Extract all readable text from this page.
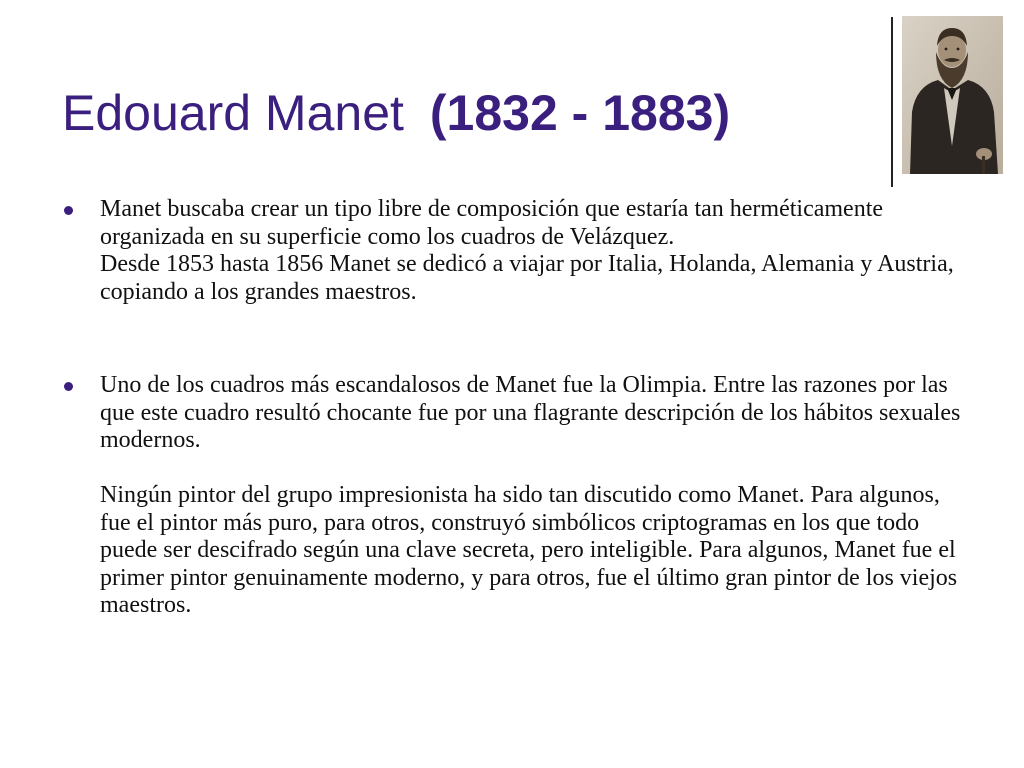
Edouard Manet (1832 - 1883)
Manet buscaba crear un tipo libre de composición que estaría tan herméticamente organizada en su superficie como los cuadros de Velázquez.
Desde 1853 hasta 1856 Manet se dedicó a viajar por Italia, Holanda, Alemania y Austria, copiando a los grandes maestros.
Uno de los cuadros más escandalosos de Manet fue la Olimpia. Entre las razones por las que este cuadro resultó chocante fue por una flagrante descripción de los hábitos sexuales modernos.
Ningún pintor del grupo impresionista ha sido tan discutido como Manet. Para algunos, fue el pintor más puro, para otros, construyó simbólicos criptogramas en los que todo puede ser descifrado según una clave secreta, pero inteligible. Para algunos, Manet fue el primer pintor genuinamente moderno, y para otros, fue el último gran pintor de los viejos maestros.
